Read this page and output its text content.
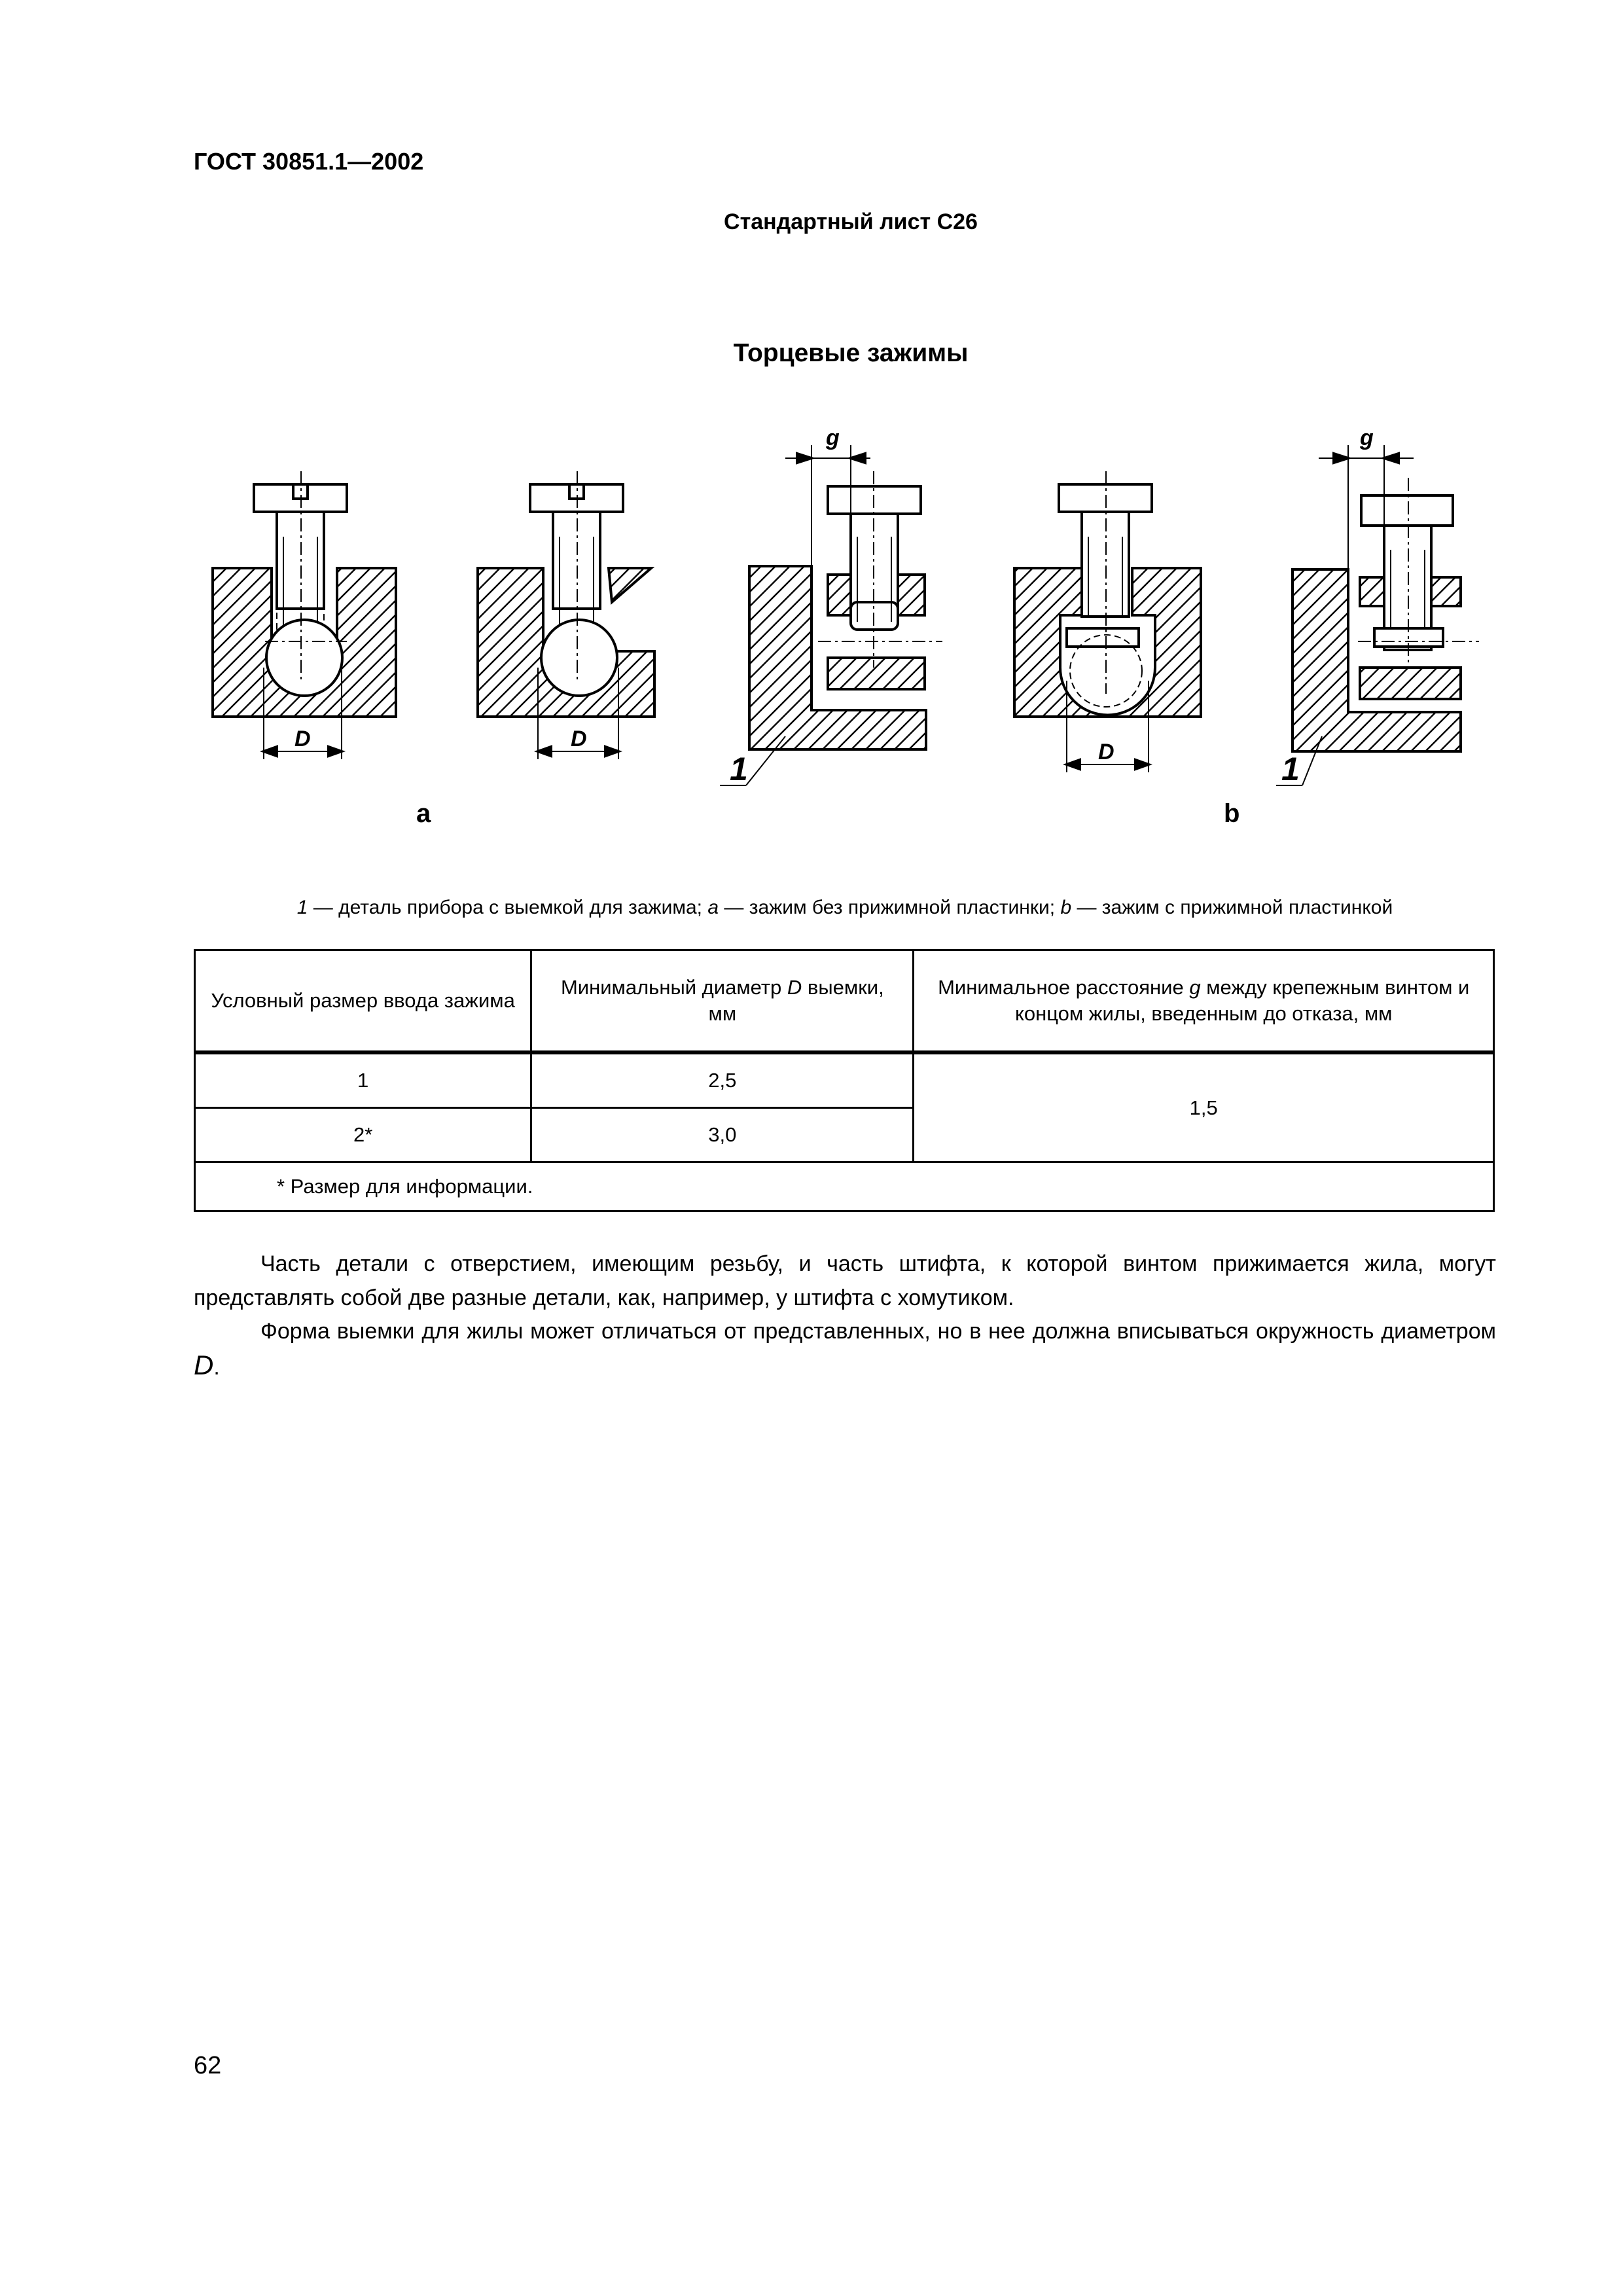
ГОСТ 30851.1—2002
Стандартный лист С26
Торцевые зажимы
D	D
D
g	g
1	1
a	b
1 — деталь прибора с выемкой для зажима; a — зажим без прижимной пластинки; b — зажим с прижимной пластинкой
Условный размер ввода зажима	Минимальный диаметр D выемки, мм	Минимальное расстояние g между крепежным винтом и концом жилы, введенным до отказа, мм
1	2,5	1,5
2*	3,0	
* Размер для информации.		
Часть детали с отверстием, имеющим резьбу, и часть штифта, к которой винтом прижимается жила, могут представлять собой две разные детали, как, например, у штифта с хомутиком.
Форма выемки для жилы может отличаться от представленных, но в нее должна вписываться окружность диаметром D.
62
